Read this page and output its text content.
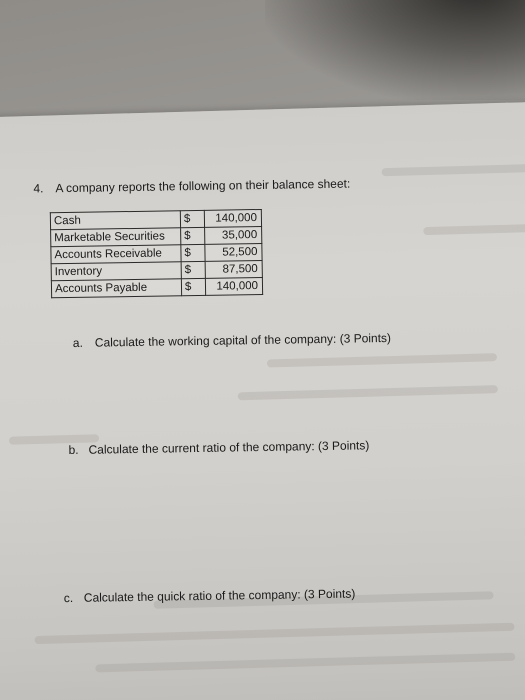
4. A company reports the following on their balance sheet:
Cash	$	140,000
Marketable Securities	$	35,000
Accounts Receivable	$	52,500
Inventory	$	87,500
Accounts Payable	$	140,000
a. Calculate the working capital of the company: (3 Points)
b. Calculate the current ratio of the company: (3 Points)
c. Calculate the quick ratio of the company: (3 Points)
